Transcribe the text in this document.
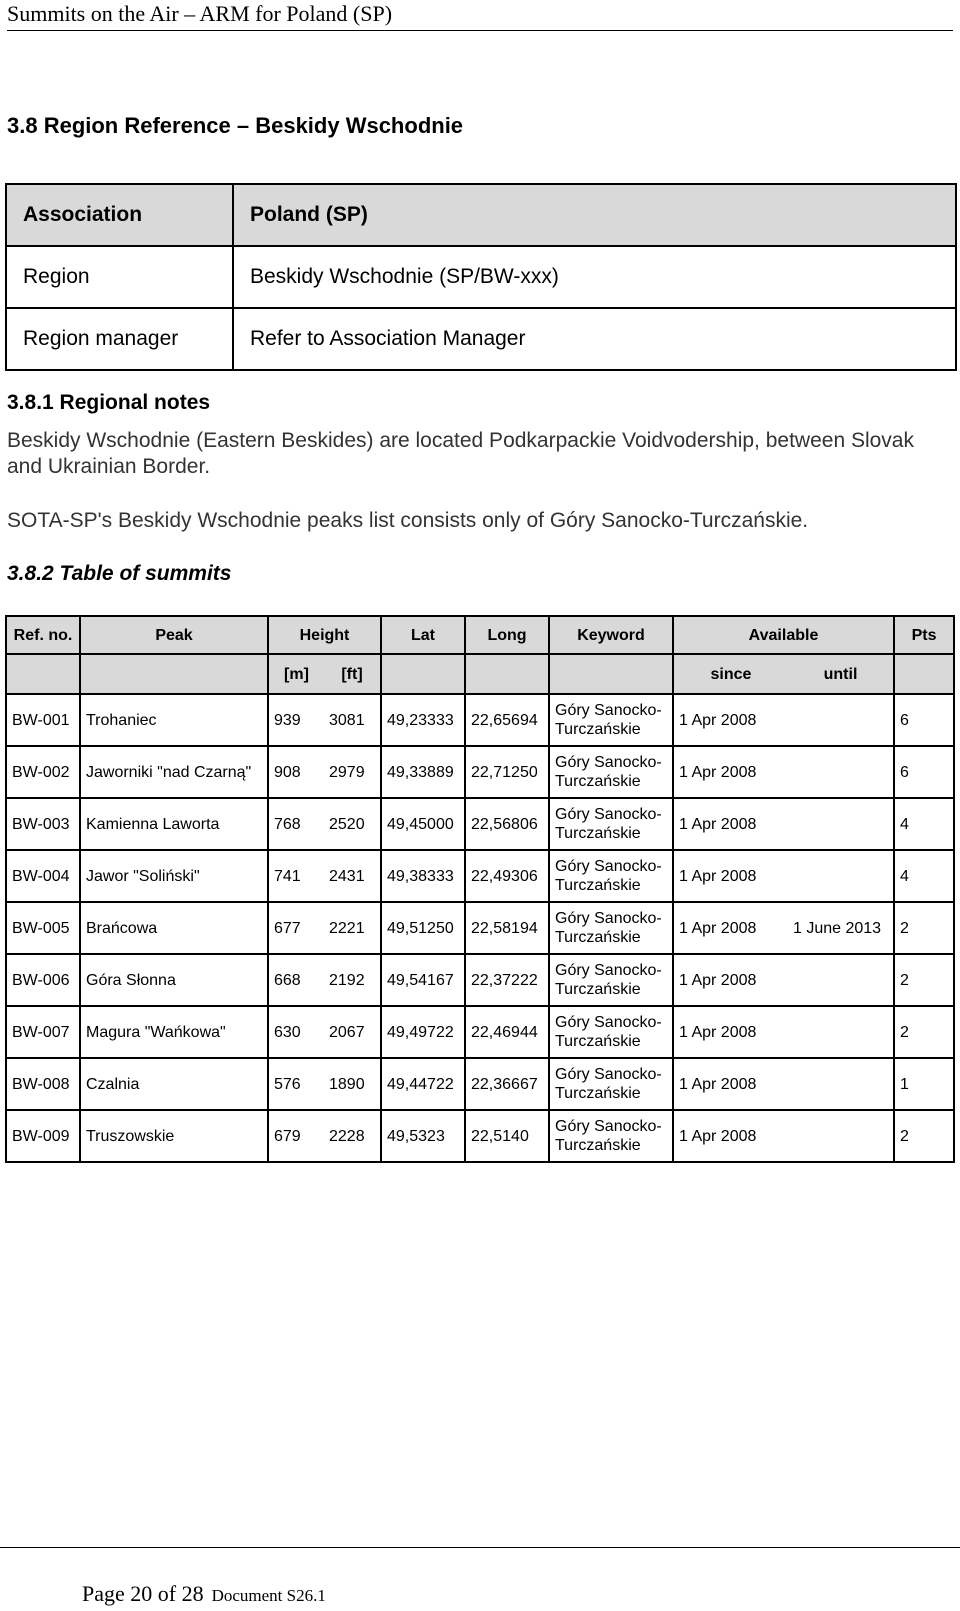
Summits on the Air – ARM for Poland (SP)
3.8 Region Reference – Beskidy Wschodnie
Association	Poland (SP)
Region	Beskidy Wschodnie (SP/BW-xxx)
Region manager	Refer to Association Manager
3.8.1 Regional notes
Beskidy Wschodnie (Eastern Beskides) are located Podkarpackie Voidvodership, between Slovak and Ukrainian Border.
SOTA-SP's Beskidy Wschodnie peaks list consists only of Góry Sanocko-Turczańskie.
3.8.2 Table of summits
Ref. no.	Peak	Height		Lat	Long	Keyword	Available		Pts
		[m]	[ft]				since	until	
BW-001	Trohaniec	939	3081	49,23333	22,65694	Góry Sanocko-Turczańskie	1 Apr 2008		6
BW-002	Jaworniki "nad Czarną"	908	2979	49,33889	22,71250	Góry Sanocko-Turczańskie	1 Apr 2008		6
BW-003	Kamienna Laworta	768	2520	49,45000	22,56806	Góry Sanocko-Turczańskie	1 Apr 2008		4
BW-004	Jawor "Soliński"	741	2431	49,38333	22,49306	Góry Sanocko-Turczańskie	1 Apr 2008		4
BW-005	Brańcowa	677	2221	49,51250	22,58194	Góry Sanocko-Turczańskie	1 Apr 2008	1 June 2013	2
BW-006	Góra Słonna	668	2192	49,54167	22,37222	Góry Sanocko-Turczańskie	1 Apr 2008		2
BW-007	Magura "Wańkowa"	630	2067	49,49722	22,46944	Góry Sanocko-Turczańskie	1 Apr 2008		2
BW-008	Czalnia	576	1890	49,44722	22,36667	Góry Sanocko-Turczańskie	1 Apr 2008		1
BW-009	Truszowskie	679	2228	49,5323	22,5140	Góry Sanocko-Turczańskie	1 Apr 2008		2
Page 20 of 28 Document S26.1
